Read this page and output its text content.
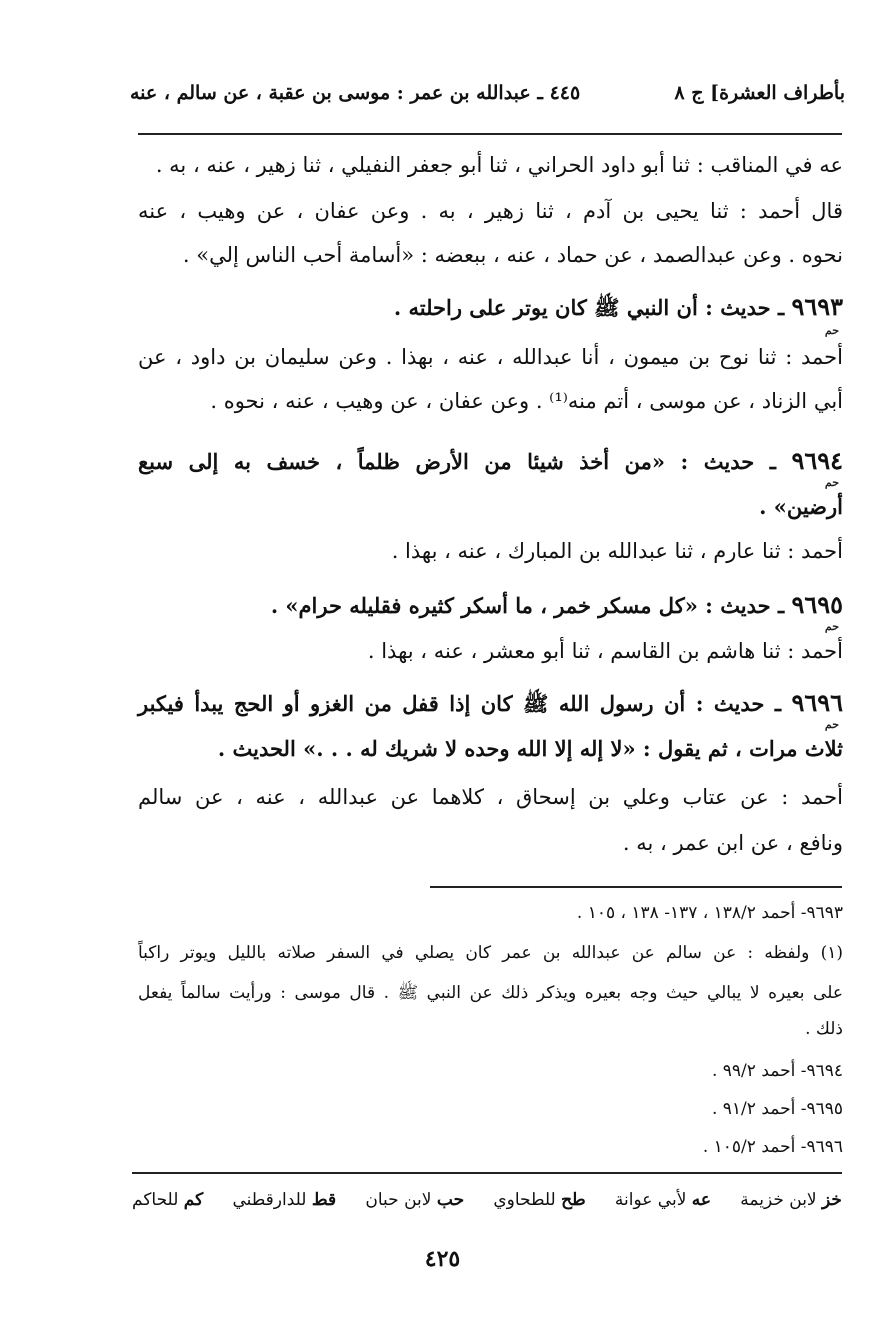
بأطراف العشرة] ج ٨
٤٤٥ ـ عبدالله بن عمر : موسى بن عقبة ، عن سالم ، عنه
عه في المناقب : ثنا أبو داود الحراني ، ثنا أبو جعفر النفيلي ، ثنا زهير ، عنه ، به .
قال أحمد : ثنا يحيى بن آدم ، ثنا زهير ، به . وعن عفان ، عن وهيب ، عنه
نحوه . وعن عبدالصمد ، عن حماد ، عنه ، ببعضه : «أسامة أحب الناس إلي» .
٩٦٩٣ ـ حديث : أن النبي ﷺ كان يوتر على راحلته .
حم
أحمد : ثنا نوح بن ميمون ، أنا عبدالله ، عنه ، بهذا . وعن سليمان بن داود ، عن
أبي الزناد ، عن موسى ، أتم منه⁽¹⁾ . وعن عفان ، عن وهيب ، عنه ، نحوه .
٩٦٩٤ ـ حديث : «من أخذ شيئا من الأرض ظلماً ، خسف به إلى سبع
حم
أرضين» .
أحمد : ثنا عارم ، ثنا عبدالله بن المبارك ، عنه ، بهذا .
٩٦٩٥ ـ حديث : «كل مسكر خمر ، ما أسكر كثيره فقليله حرام» .
حم
أحمد : ثنا هاشم بن القاسم ، ثنا أبو معشر ، عنه ، بهذا .
٩٦٩٦ ـ حديث : أن رسول الله ﷺ كان إذا قفل من الغزو أو الحج يبدأ فيكبر
حم
ثلاث مرات ، ثم يقول : «لا إله إلا الله وحده لا شريك له . . .» الحديث .
أحمد : عن عتاب وعلي بن إسحاق ، كلاهما عن عبدالله ، عنه ، عن سالم
ونافع ، عن ابن عمر ، به .
٩٦٩٣- أحمد ١٣٨/٢ ، ١٣٧- ١٣٨ ، ١٠٥ .
(١) ولفظه : عن سالم عن عبدالله بن عمر كان يصلي في السفر صلاته بالليل ويوتر راكباً
على بعيره لا يبالي حيث وجه بعيره ويذكر ذلك عن النبي ﷺ . قال موسى : ورأيت سالماً يفعل
ذلك .
٩٦٩٤- أحمد ٩٩/٢ .
٩٦٩٥- أحمد ٩١/٢ .
٩٦٩٦- أحمد ١٠٥/٢ .
خز لابن خزيمة
عه لأبي عوانة
طح للطحاوي
حب لابن حبان
قط للدارقطني
كم للحاكم
٤٢٥
